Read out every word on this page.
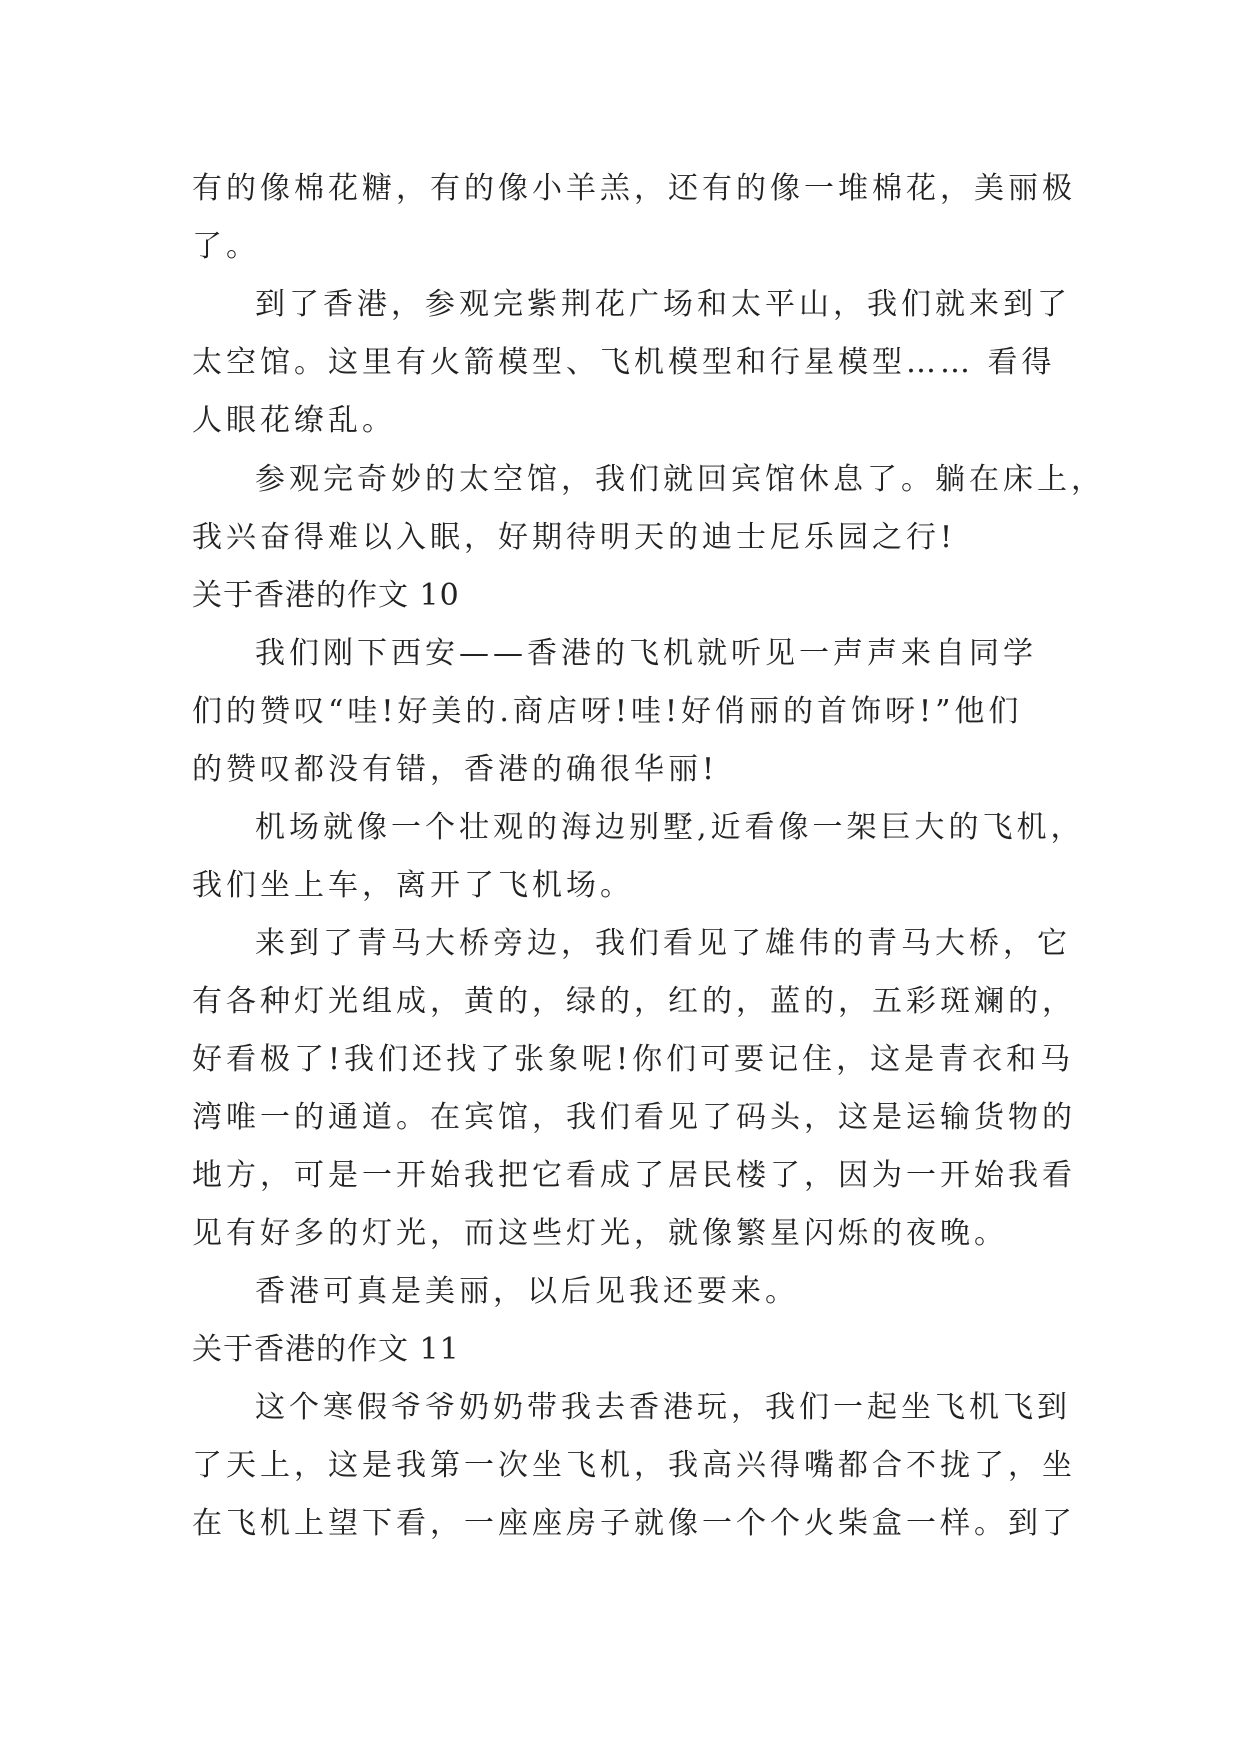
有的像棉花糖，有的像小羊羔，还有的像一堆棉花，美丽极
了。
到了香港，参观完紫荆花广场和太平山，我们就来到了
太空馆。这里有火箭模型、飞机模型和行星模型…… 看得
人眼花缭乱。
参观完奇妙的太空馆，我们就回宾馆休息了。躺在床上，
我兴奋得难以入眠，好期待明天的迪士尼乐园之行!
关于香港的作文 10
我们刚下西安——香港的飞机就听见一声声来自同学
们的赞叹“哇!好美的.商店呀!哇!好俏丽的首饰呀!”他们
的赞叹都没有错，香港的确很华丽!
机场就像一个壮观的海边别墅,近看像一架巨大的飞机，
我们坐上车，离开了飞机场。
来到了青马大桥旁边，我们看见了雄伟的青马大桥，它
有各种灯光组成，黄的，绿的，红的，蓝的，五彩斑斓的，
好看极了!我们还找了张象呢!你们可要记住，这是青衣和马
湾唯一的通道。在宾馆，我们看见了码头，这是运输货物的
地方，可是一开始我把它看成了居民楼了，因为一开始我看
见有好多的灯光，而这些灯光，就像繁星闪烁的夜晚。
香港可真是美丽，以后见我还要来。
关于香港的作文 11
这个寒假爷爷奶奶带我去香港玩，我们一起坐飞机飞到
了天上，这是我第一次坐飞机，我高兴得嘴都合不拢了，坐
在飞机上望下看，一座座房子就像一个个火柴盒一样。到了
